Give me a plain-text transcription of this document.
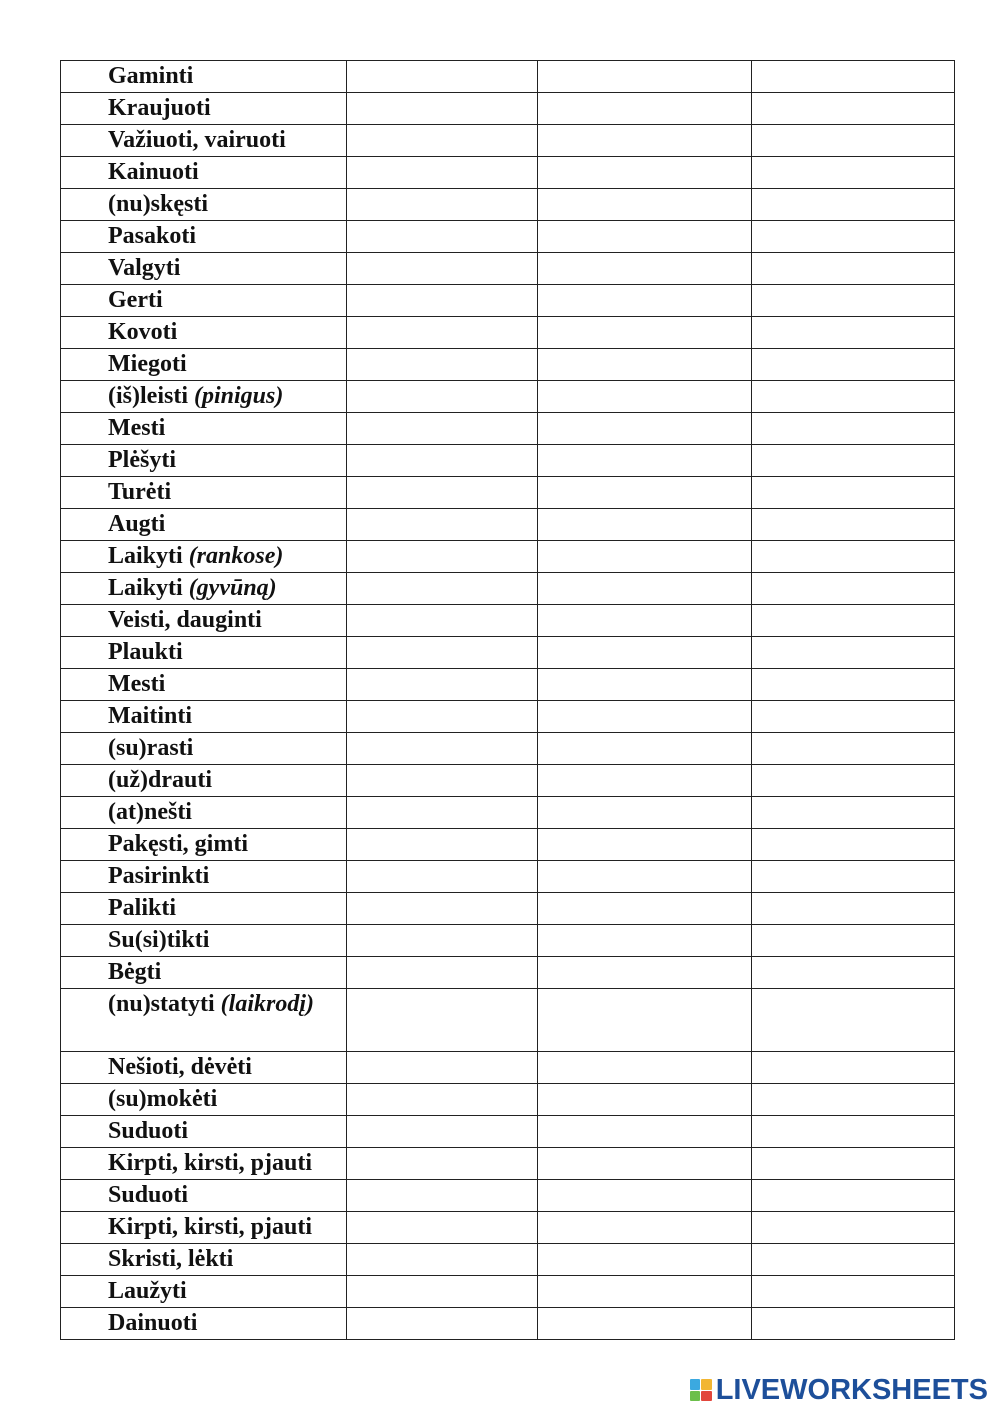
Gaminti			

Kraujuoti			

Važiuoti, vairuoti			

Kainuoti			

(nu)skęsti			

Pasakoti			

Valgyti			

Gerti			

Kovoti			

Miegoti			

(iš)leisti (pinigus)			

Mesti			

Plėšyti			

Turėti			

Augti			

Laikyti (rankose)			

Laikyti (gyvūną)			

Veisti, dauginti			

Plaukti			

Mesti			

Maitinti			

(su)rasti			

(už)drauti			

(at)nešti			

Pakęsti, gimti			

Pasirinkti			

Palikti			

Su(si)tikti			

Bėgti			

(nu)statyti (laikrodį)			

Nešioti, dėvėti			

(su)mokėti			

Suduoti			

Kirpti, kirsti, pjauti			

Suduoti			

Kirpti, kirsti, pjauti			

Skristi, lėkti			

Laužyti			

Dainuoti			

LIVEWORKSHEETS
